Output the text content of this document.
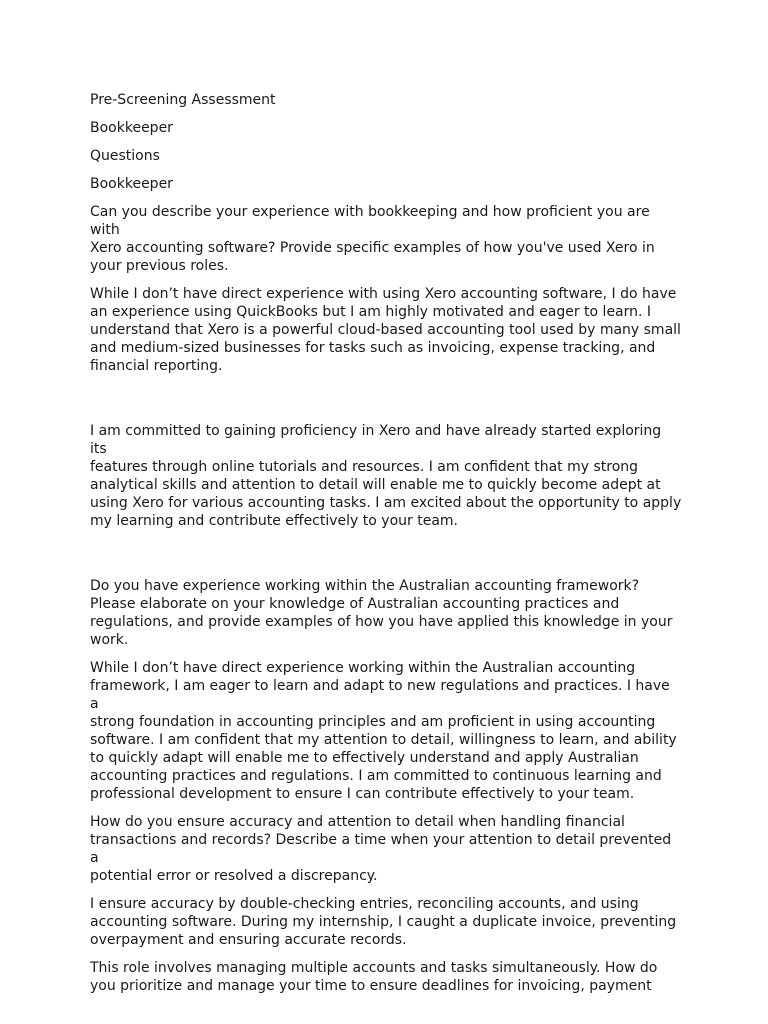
Pre-Screening Assessment

Bookkeeper

Questions

Bookkeeper

Can you describe your experience with bookkeeping and how proficient you are with
Xero accounting software? Provide specific examples of how you've used Xero in
your previous roles.

While I don’t have direct experience with using Xero accounting software, I do have
an experience using QuickBooks but I am highly motivated and eager to learn. I
understand that Xero is a powerful cloud-based accounting tool used by many small
and medium-sized businesses for tasks such as invoicing, expense tracking, and
financial reporting.

I am committed to gaining proficiency in Xero and have already started exploring its
features through online tutorials and resources. I am confident that my strong
analytical skills and attention to detail will enable me to quickly become adept at
using Xero for various accounting tasks. I am excited about the opportunity to apply
my learning and contribute effectively to your team.

Do you have experience working within the Australian accounting framework?
Please elaborate on your knowledge of Australian accounting practices and
regulations, and provide examples of how you have applied this knowledge in your
work.

While I don’t have direct experience working within the Australian accounting
framework, I am eager to learn and adapt to new regulations and practices. I have a
strong foundation in accounting principles and am proficient in using accounting
software. I am confident that my attention to detail, willingness to learn, and ability
to quickly adapt will enable me to effectively understand and apply Australian
accounting practices and regulations. I am committed to continuous learning and
professional development to ensure I can contribute effectively to your team.

How do you ensure accuracy and attention to detail when handling financial
transactions and records? Describe a time when your attention to detail prevented a
potential error or resolved a discrepancy.

I ensure accuracy by double-checking entries, reconciling accounts, and using
accounting software. During my internship, I caught a duplicate invoice, preventing
overpayment and ensuring accurate records.

This role involves managing multiple accounts and tasks simultaneously. How do
you prioritize and manage your time to ensure deadlines for invoicing, payment
